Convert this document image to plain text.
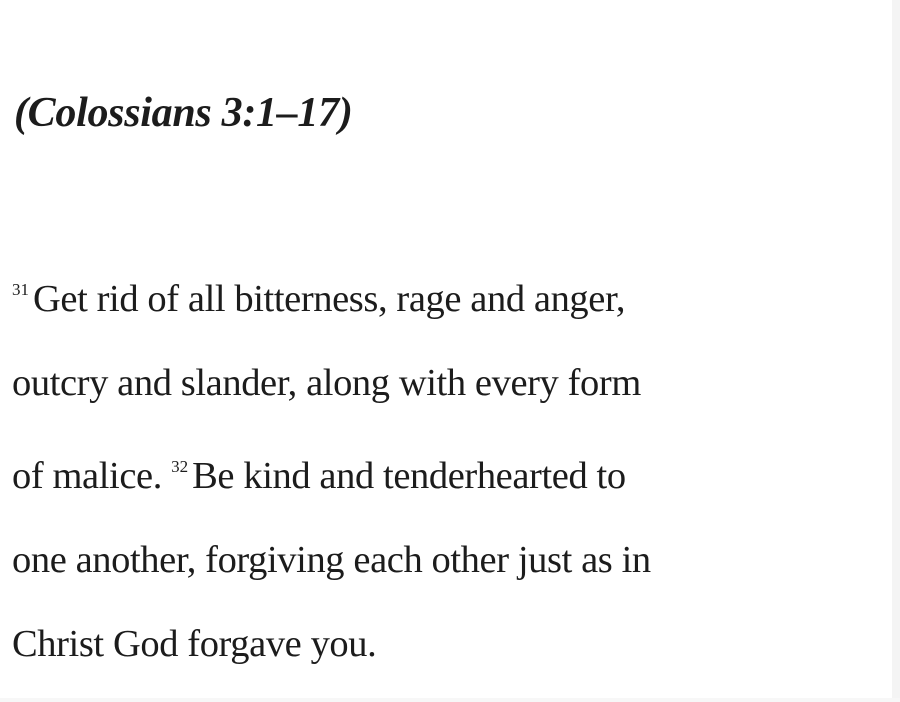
(Colossians 3:1–17)

$^{31}$ Get rid of all bitterness, rage and anger,
outcry and slander, along with every form
of malice. $^{32}$ Be kind and tenderhearted to
one another, forgiving each other just as in
Christ God forgave you.
